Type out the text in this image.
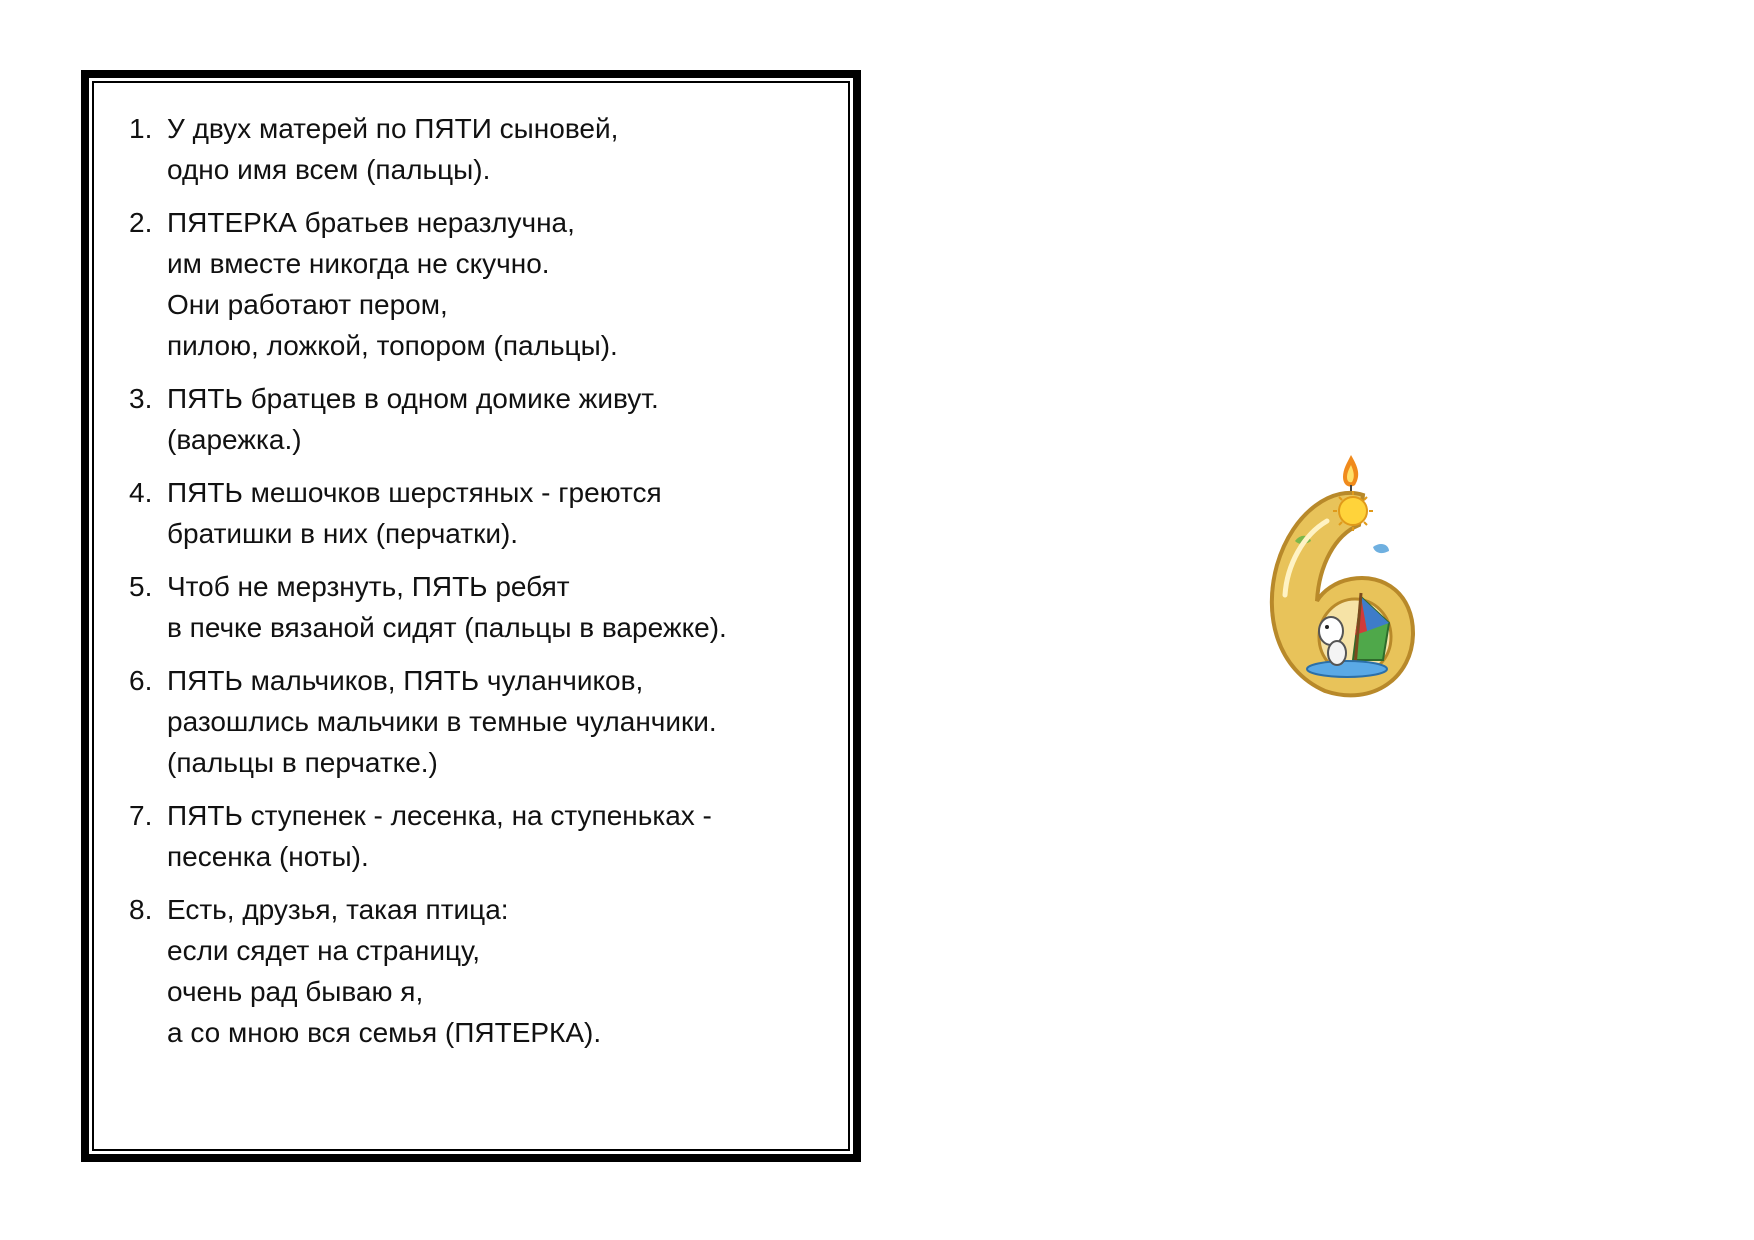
1. У двух матерей по ПЯТИ сыновей,
одно имя всем (пальцы).
2. ПЯТЕРКА братьев неразлучна,
им вместе никогда не скучно.
Они работают пером,
пилою, ложкой, топором (пальцы).
3. ПЯТЬ братцев в одном домике живут.
(варежка.)
4. ПЯТЬ мешочков шерстяных - греются
братишки в них (перчатки).
5. Чтоб не мерзнуть, ПЯТЬ ребят
в печке вязаной сидят (пальцы в варежке).
6. ПЯТЬ мальчиков, ПЯТЬ чуланчиков,
разошлись мальчики в темные чуланчики.
(пальцы в перчатке.)
7. ПЯТЬ ступенек - лесенка, на ступеньках -
песенка (ноты).
8. Есть, друзья, такая птица:
если сядет на страницу,
очень рад бываю я,
а со мною вся семья (ПЯТЕРКА).
